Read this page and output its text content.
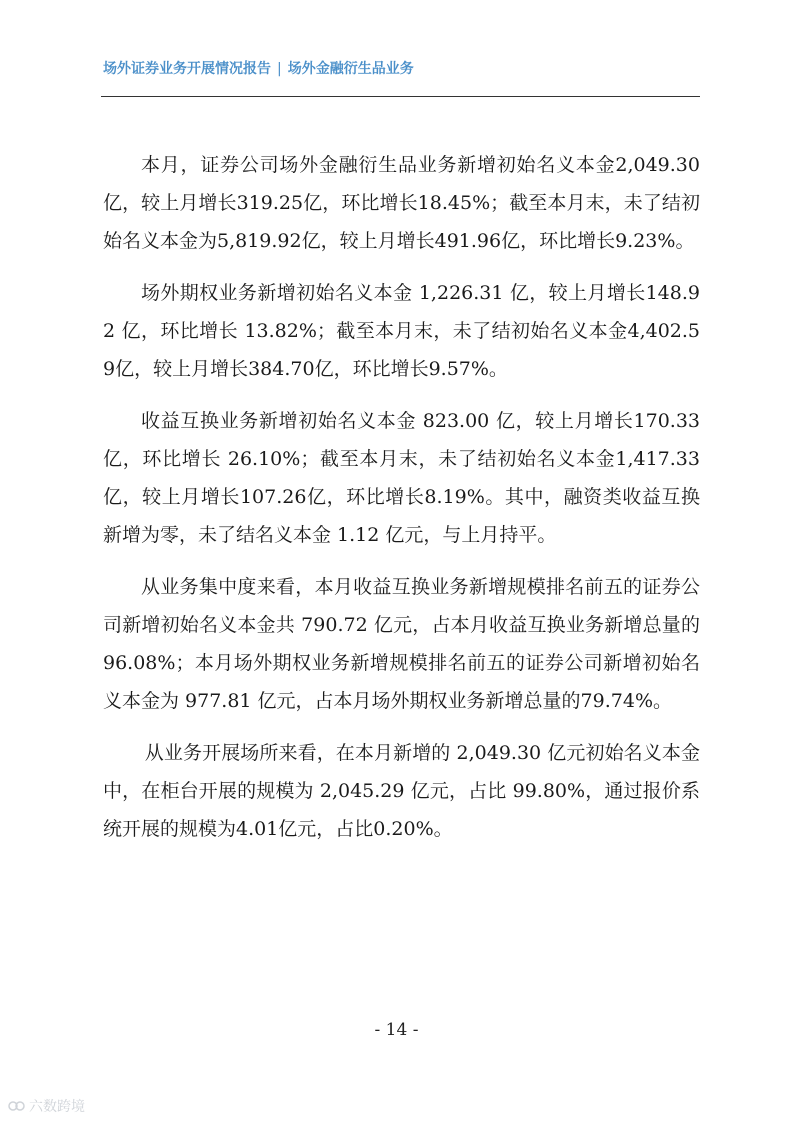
场外证券业务开展情况报告 | 场外金融衍生品业务

本月，证券公司场外金融衍生品业务新增初始名义本金2,049.30亿，较上月增长319.25亿，环比增长18.45%；截至本月末，未了结初始名义本金为5,819.92亿，较上月增长491.96亿，环比增长9.23%。

场外期权业务新增初始名义本金 1,226.31 亿，较上月增长148.92 亿，环比增长 13.82%；截至本月末，未了结初始名义本金4,402.59亿，较上月增长384.70亿，环比增长9.57%。

收益互换业务新增初始名义本金 823.00 亿，较上月增长170.33 亿，环比增长 26.10%；截至本月末，未了结初始名义本金1,417.33亿，较上月增长107.26亿，环比增长8.19%。其中，融资类收益互换新增为零，未了结名义本金 1.12 亿元，与上月持平。

从业务集中度来看，本月收益互换业务新增规模排名前五的证券公司新增初始名义本金共 790.72 亿元，占本月收益互换业务新增总量的96.08%；本月场外期权业务新增规模排名前五的证券公司新增初始名义本金为 977.81 亿元，占本月场外期权业务新增总量的79.74%。

从业务开展场所来看，在本月新增的 2,049.30 亿元初始名义本金中，在柜台开展的规模为 2,045.29 亿元，占比 99.80%，通过报价系统开展的规模为4.01亿元，占比0.20%。

- 14 -
六数跨境
